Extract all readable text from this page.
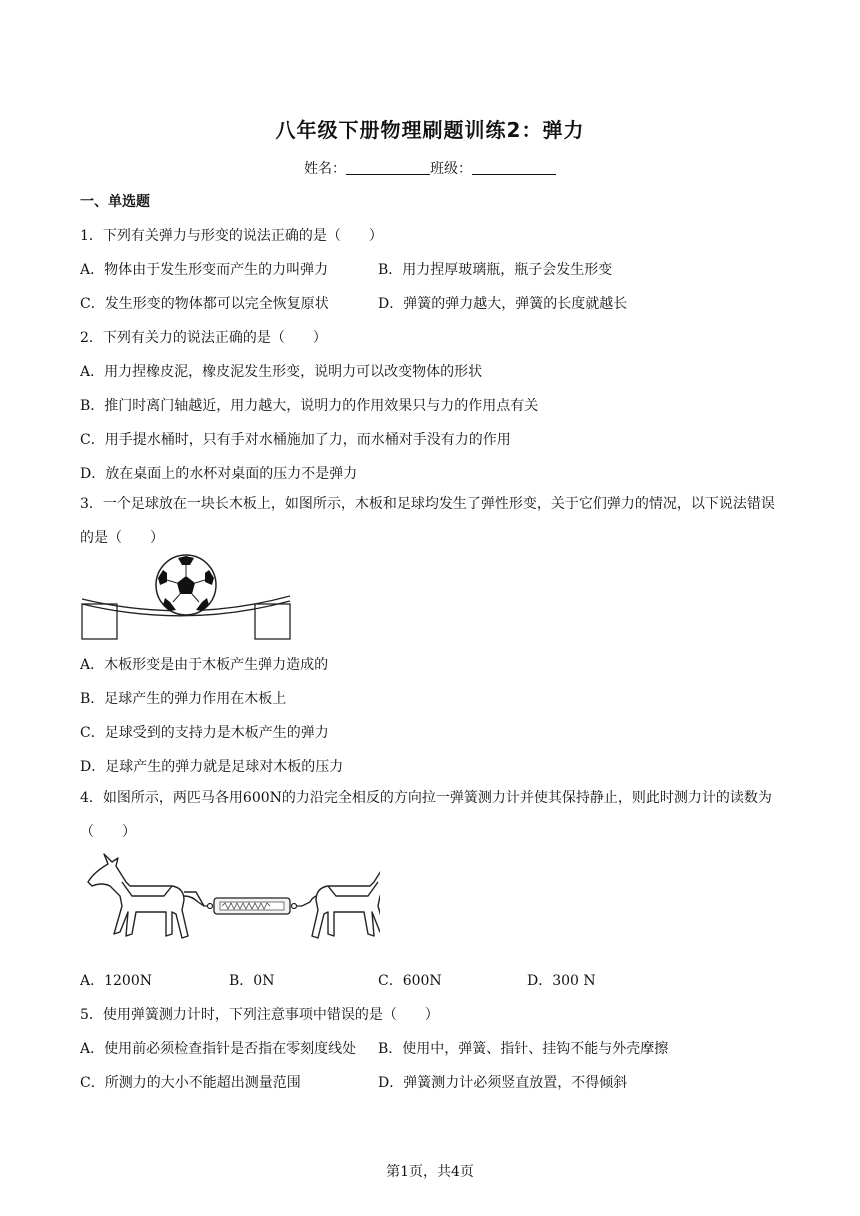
八年级下册物理刷题训练2：弹力
姓名：	班级：
一、单选题
1．下列有关弹力与形变的说法正确的是（　　）
A．物体由于发生形变而产生的力叫弹力	B．用力捏厚玻璃瓶，瓶子会发生形变
C．发生形变的物体都可以完全恢复原状	D．弹簧的弹力越大，弹簧的长度就越长
2．下列有关力的说法正确的是（　　）
A．用力捏橡皮泥，橡皮泥发生形变，说明力可以改变物体的形状
B．推门时离门轴越近，用力越大，说明力的作用效果只与力的作用点有关
C．用手提水桶时，只有手对水桶施加了力，而水桶对手没有力的作用
D．放在桌面上的水杯对桌面的压力不是弹力
3．一个足球放在一块长木板上，如图所示，木板和足球均发生了弹性形变，关于它们弹力的情况，以下说法错误的是（　　）
A．木板形变是由于木板产生弹力造成的
B．足球产生的弹力作用在木板上
C．足球受到的支持力是木板产生的弹力
D．足球产生的弹力就是足球对木板的压力
4．如图所示，两匹马各用600N的力沿完全相反的方向拉一弹簧测力计并使其保持静止，则此时测力计的读数为（　　）
A．1200N	B．0N	C．600N	D．300 N
5．使用弹簧测力计时，下列注意事项中错误的是（　　）
A．使用前必须检查指针是否指在零刻度线处 B．使用中，弹簧、指针、挂钩不能与外壳摩擦
C．所测力的大小不能超出测量范围	D．弹簧测力计必须竖直放置，不得倾斜
第1页，共4页
